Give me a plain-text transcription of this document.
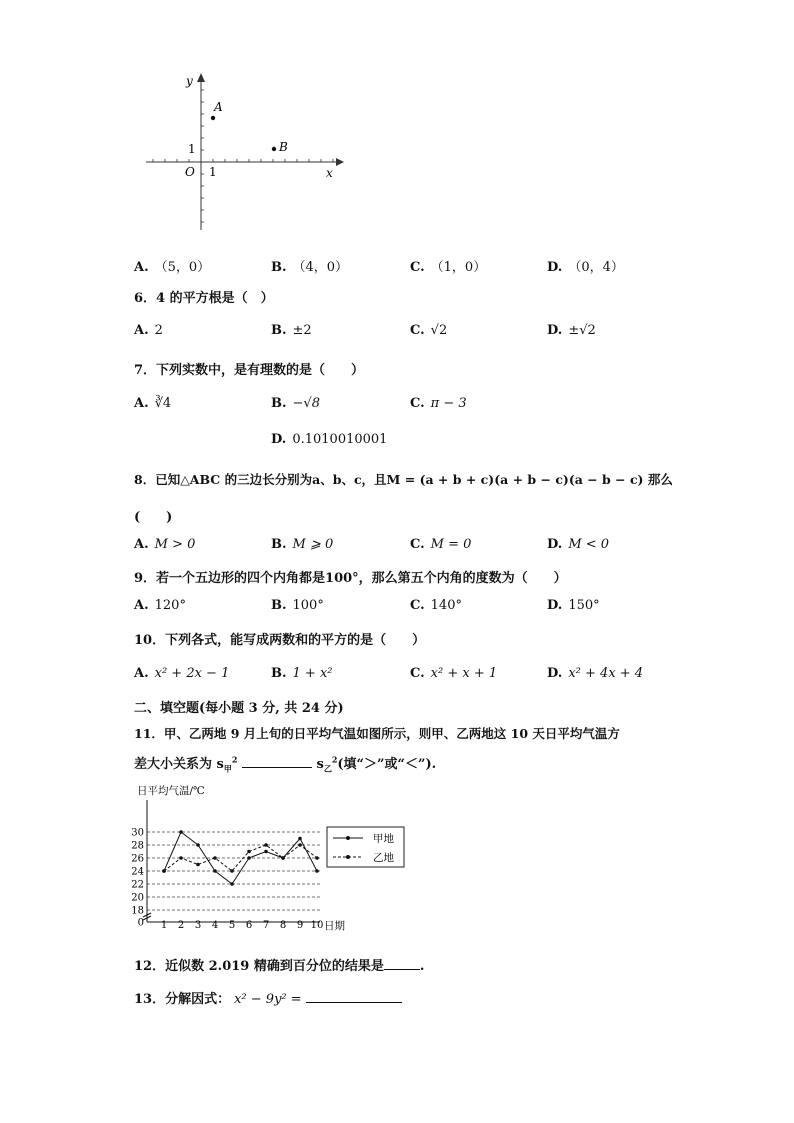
A
B
y
x
O 1
1
A. （5，0）	B. （4，0）	C. （1，0）	D. （0，4）
6．4 的平方根是（　）
A. 2	B. ±2	C. √2	D. ±√2
7．下列实数中，是有理数的是（　　）
A. ∛4	B. −√8	C. π − 3
D. 0.1010010001
8．已知△ABC 的三边长分别为a、b、c，且M = (a + b + c)(a + b − c)(a − b − c) 那么
(　　)
A. M > 0	B. M ⩾ 0	C. M = 0	D. M < 0
9．若一个五边形的四个内角都是100°，那么第五个内角的度数为（　　）
A. 120°	B. 100°	C. 140°	D. 150°
10．下列各式，能写成两数和的平方的是（　　）
A. x² + 2x − 1	B. 1 + x²	C. x² + x + 1	D. x² + 4x + 4
二、填空题(每小题 3 分, 共 24 分)
11．甲、乙两地 9 月上旬的日平均气温如图所示，则甲、乙两地这 10 天日平均气温方
差大小关系为 $s_甲^2$	$s_乙^2$(填“＞”或“＜”).
日平均气温/℃
0
18
20
22
24
26
28
30
1 2 3 4 5 6 7 8 9 10 日期
甲地
乙地
12．近似数 2.019 精确到百分位的结果是	.
13．分解因式： x² − 9y² =
